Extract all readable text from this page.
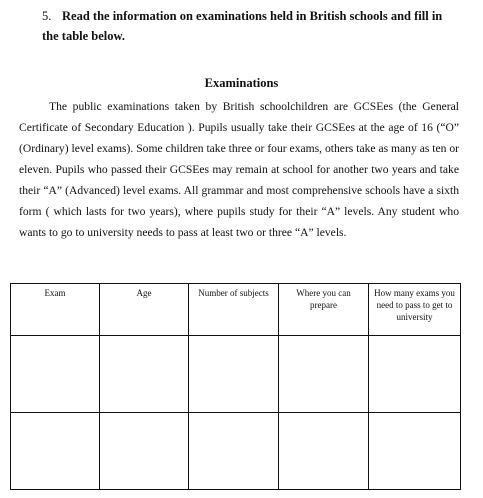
5. Read the information on examinations held in British schools and fill in the table below.
Examinations

The public examinations taken by British schoolchildren are GCSEes (the General Certificate of Secondary Education ). Pupils usually take their GCSEes at the age of 16 (“O” (Ordinary) level exams). Some children take three or four exams, others take as many as ten or eleven. Pupils who passed their GCSEes may remain at school for another two years and take their “A” (Advanced) level exams. All grammar and most comprehensive schools have a sixth form ( which lasts for two years), where pupils study for their “A” levels. Any student who wants to go to university needs to pass at least two or three “A” levels.

Exam	Age	Number of subjects	Where you can prepare	How many exams you need to pass to get to university
